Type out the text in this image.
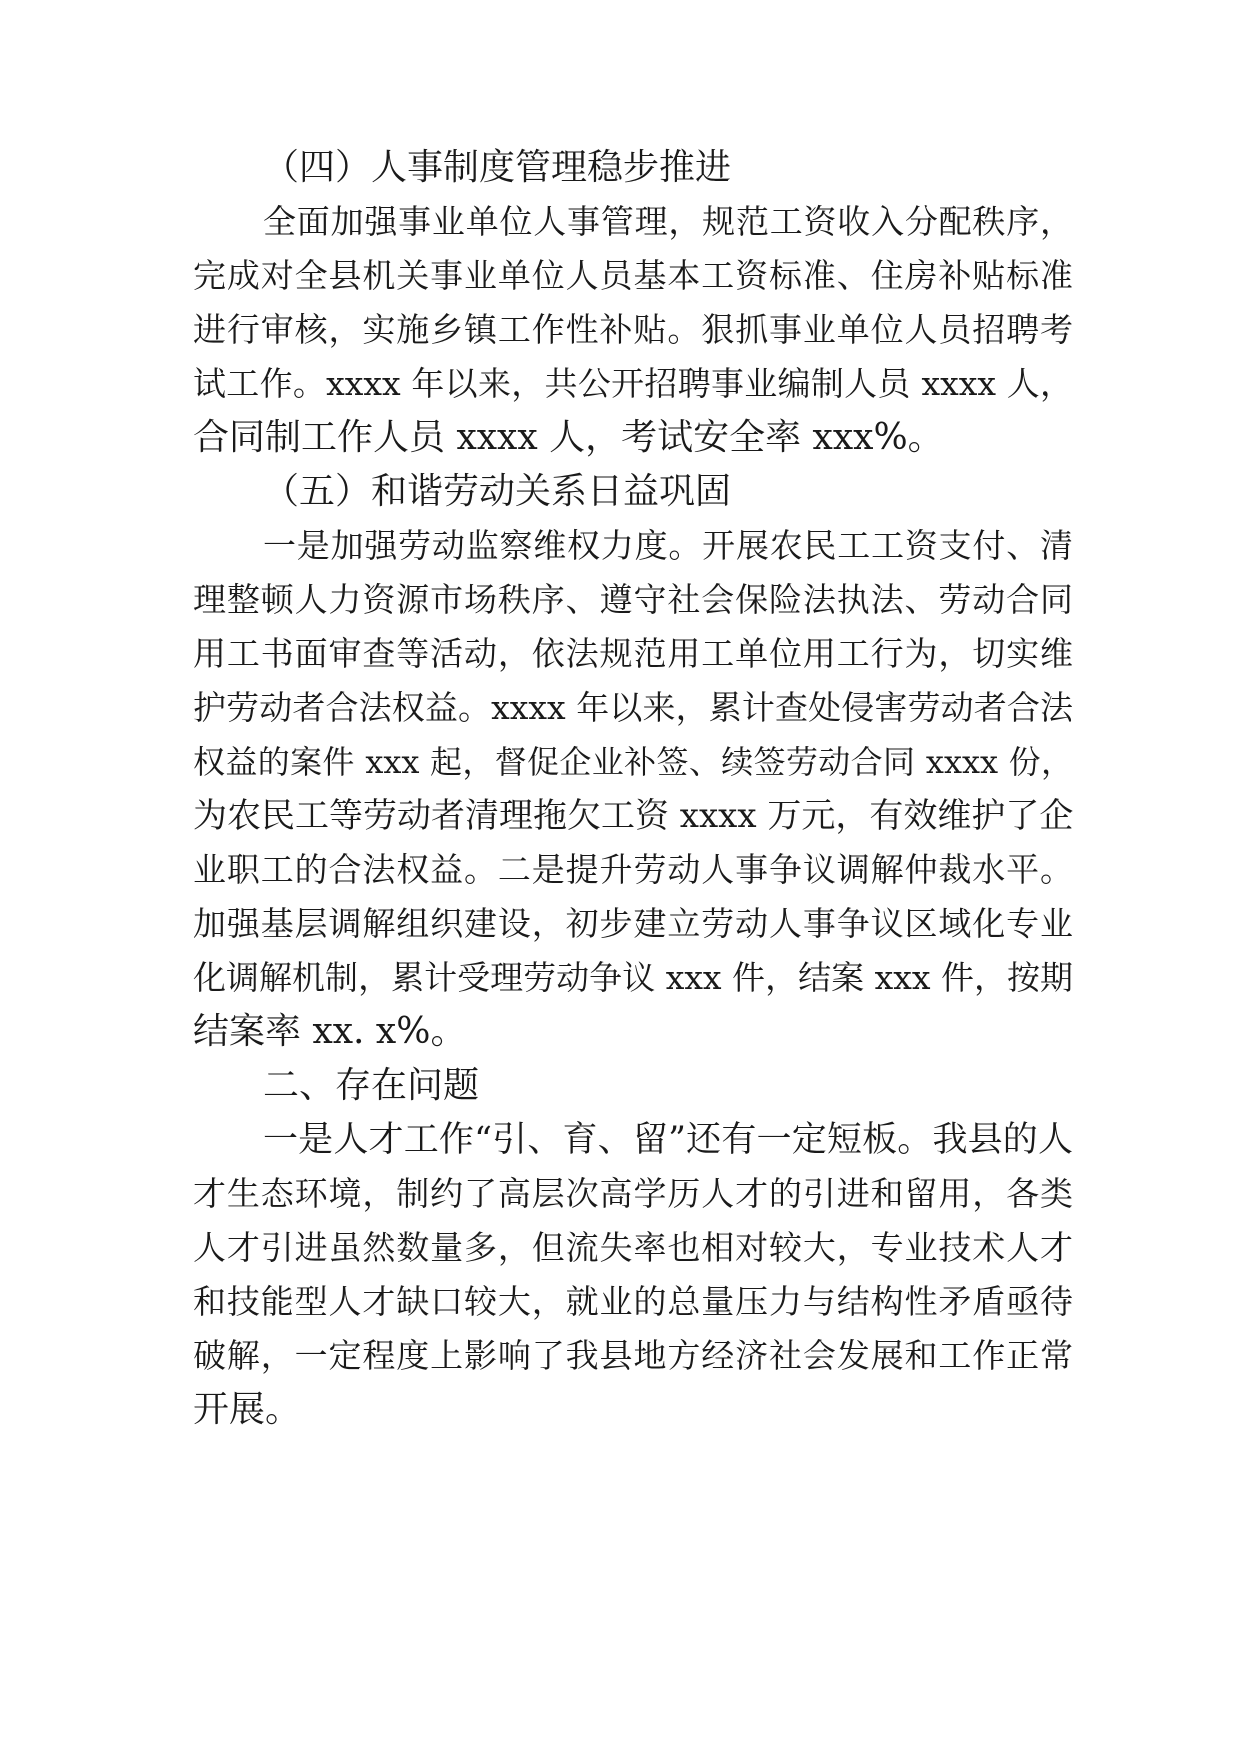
（四）人事制度管理稳步推进
全面加强事业单位人事管理，规范工资收入分配秩序，
完成对全县机关事业单位人员基本工资标准、住房补贴标准
进行审核，实施乡镇工作性补贴。狠抓事业单位人员招聘考
试工作。xxxx 年以来，共公开招聘事业编制人员 xxxx 人，
合同制工作人员 xxxx 人，考试安全率 xxx%。
（五）和谐劳动关系日益巩固
一是加强劳动监察维权力度。开展农民工工资支付、清
理整顿人力资源市场秩序、遵守社会保险法执法、劳动合同
用工书面审查等活动，依法规范用工单位用工行为，切实维
护劳动者合法权益。xxxx 年以来，累计查处侵害劳动者合法
权益的案件 xxx 起，督促企业补签、续签劳动合同 xxxx 份，
为农民工等劳动者清理拖欠工资 xxxx 万元，有效维护了企
业职工的合法权益。二是提升劳动人事争议调解仲裁水平。
加强基层调解组织建设，初步建立劳动人事争议区域化专业
化调解机制，累计受理劳动争议 xxx 件，结案 xxx 件，按期
结案率 xx. x%。
二、存在问题
一是人才工作“引、育、留”还有一定短板。我县的人
才生态环境，制约了高层次高学历人才的引进和留用，各类
人才引进虽然数量多，但流失率也相对较大，专业技术人才
和技能型人才缺口较大，就业的总量压力与结构性矛盾亟待
破解，一定程度上影响了我县地方经济社会发展和工作正常
开展。
